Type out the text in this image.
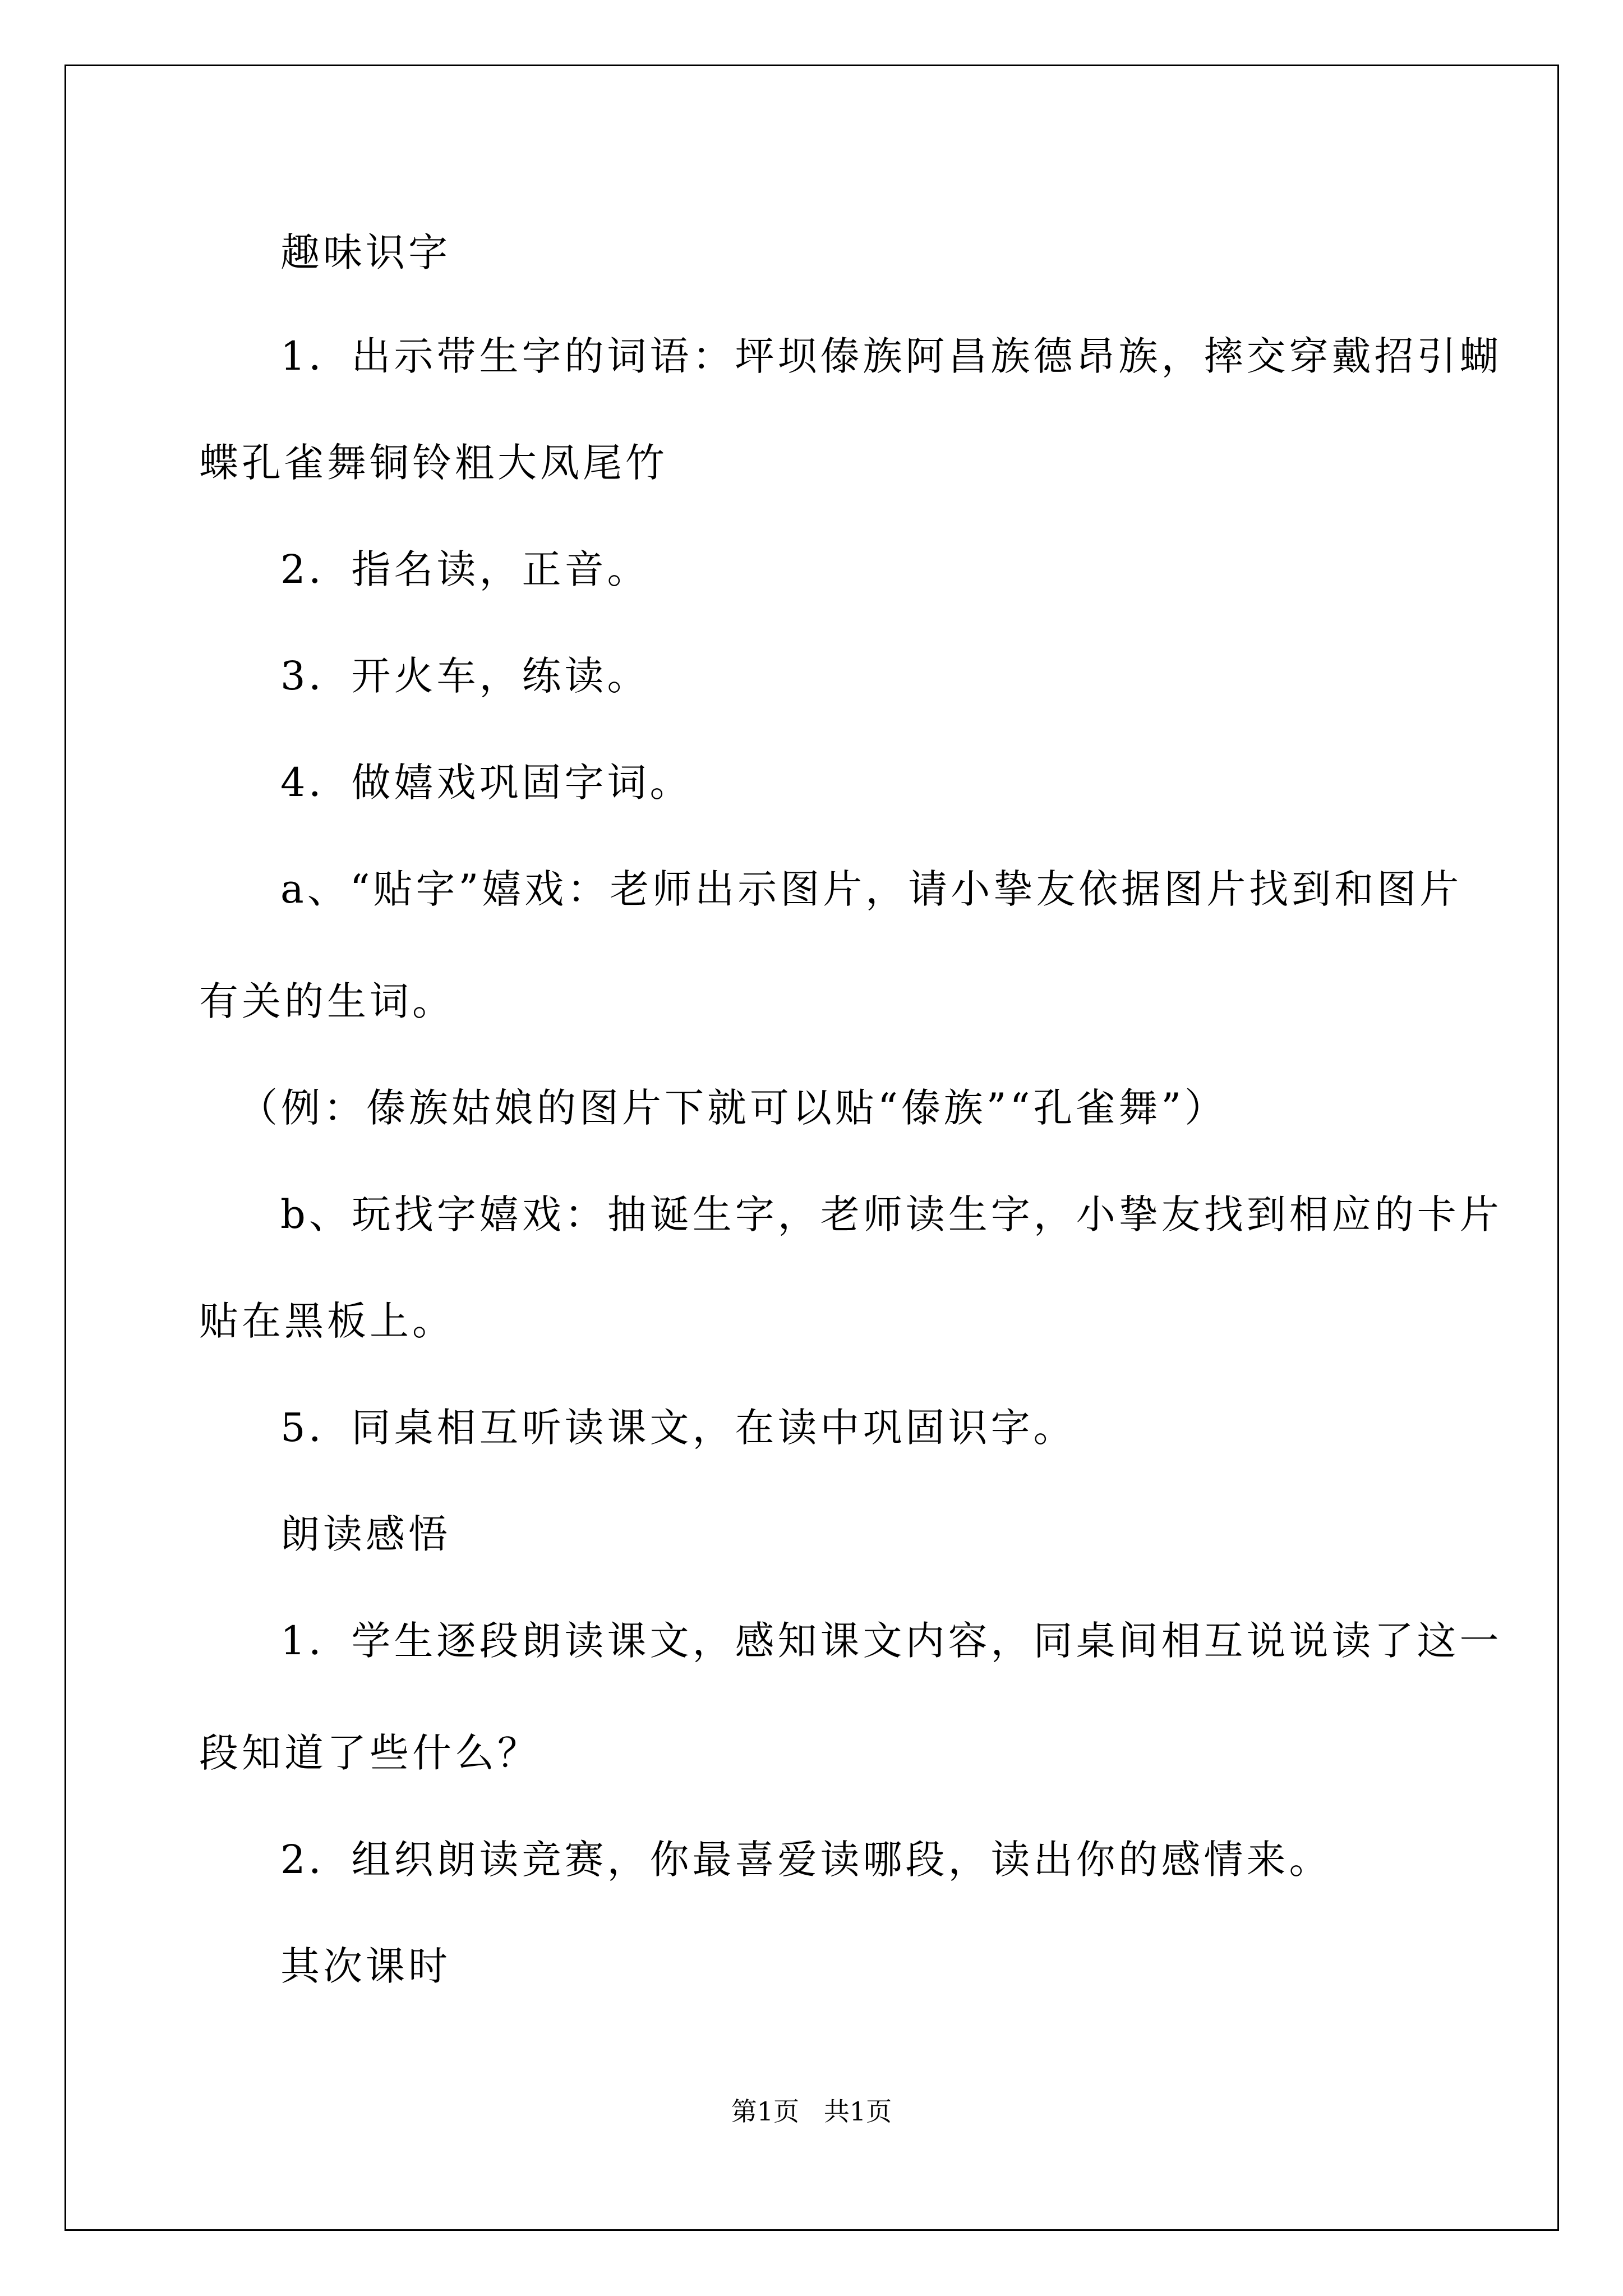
趣味识字
1．出示带生字的词语：坪坝傣族阿昌族德昂族，摔交穿戴招引蝴
蝶孔雀舞铜铃粗大凤尾竹
2．指名读，正音。
3．开火车，练读。
4．做嬉戏巩固字词。
a、“贴字”嬉戏：老师出示图片，请小挚友依据图片找到和图片
有关的生词。
（例：傣族姑娘的图片下就可以贴“傣族”“孔雀舞”）
b、玩找字嬉戏：抽诞生字，老师读生字，小挚友找到相应的卡片
贴在黑板上。
5．同桌相互听读课文，在读中巩固识字。
朗读感悟
1．学生逐段朗读课文，感知课文内容，同桌间相互说说读了这一
段知道了些什么？
2．组织朗读竞赛，你最喜爱读哪段，读出你的感情来。
其次课时
第1页   共1页
